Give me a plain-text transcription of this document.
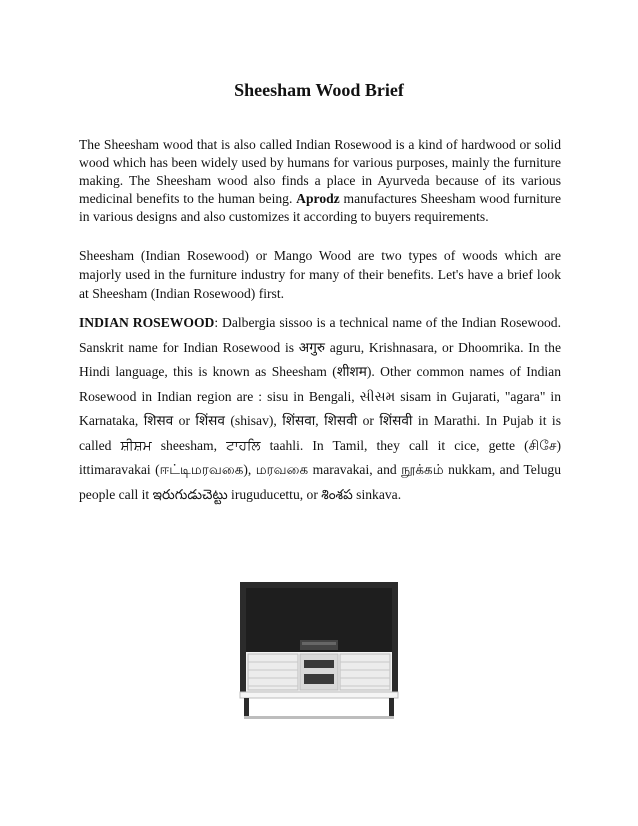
Sheesham Wood Brief

The Sheesham wood that is also called Indian Rosewood is a kind of hardwood or solid wood which has been widely used by humans for various purposes, mainly the furniture making. The Sheesham wood also finds a place in Ayurveda because of its various medicinal benefits to the human being. Aprodz manufactures Sheesham wood furniture in various designs and also customizes it according to buyers requirements.

Sheesham (Indian Rosewood) or Mango Wood are two types of woods which are majorly used in the furniture industry for many of their benefits. Let's have a brief look at Sheesham (Indian Rosewood) first.

INDIAN ROSEWOOD: Dalbergia sissoo is a technical name of the Indian Rosewood. Sanskrit name for Indian Rosewood is अगुरु aguru, Krishnasara, or Dhoomrika. In the Hindi language, this is known as Sheesham (शीशम). Other common names of Indian Rosewood in Indian region are : sisu in Bengali, સીસમ sisam in Gujarati, "agara" in Karnataka, शिसव or शिंसव (shisav), शिंसवा, शिसवी or शिंसवी in Marathi. In Pujab it is called ਸ਼ੀਸ਼ਮ sheesham, ਟਾਹਲਿ taahli. In Tamil, they call it cice, gette (சிசே) ittimaravakai (ஈட்டிமரவகை), மரவகை maravakai, and நூக்கம் nukkam, and Telugu people call it ఇరుగుడుచెట్టు iruguducettu, or శింశప sinkava.
